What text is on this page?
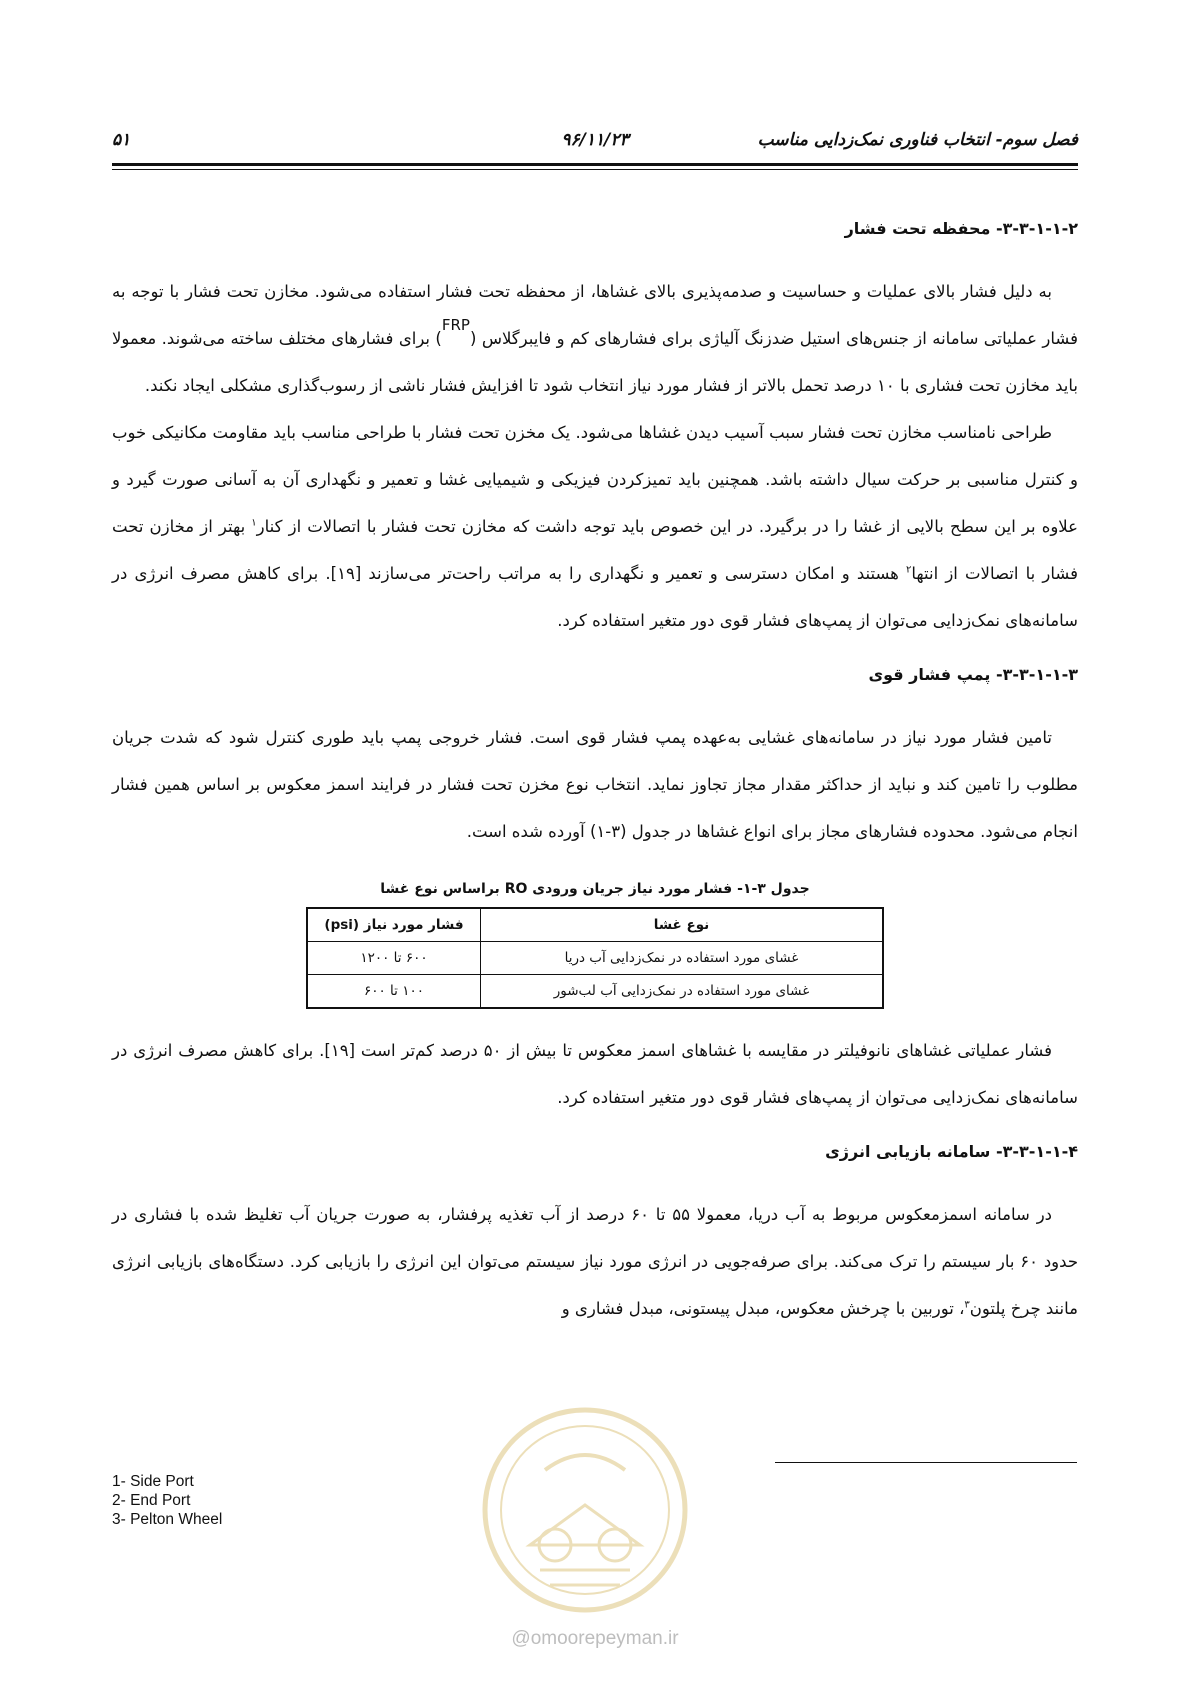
فصل سوم- انتخاب فناوری نمک‌زدایی مناسب
۹۶/۱۱/۲۳
۵۱
۳-۳-۱-۱-۲- محفظه تحت فشار

به دلیل فشار بالای عملیات و حساسیت و صدمه‌پذیری بالای غشاها، از محفظه تحت فشار استفاده می‌شود. مخازن تحت فشار با توجه به فشار عملیاتی سامانه از جنس‌های استیل ضدزنگ آلیاژی برای فشارهای کم و فایبرگلاس ($^{FRP}$) برای فشارهای مختلف ساخته می‌شوند. معمولا باید مخازن تحت فشاری با ۱۰ درصد تحمل بالاتر از فشار مورد نیاز انتخاب شود تا افزایش فشار ناشی از رسوب‌گذاری مشکلی ایجاد نکند.

طراحی نامناسب مخازن تحت فشار سبب آسیب دیدن غشاها می‌شود. یک مخزن تحت فشار با طراحی مناسب باید مقاومت مکانیکی خوب و کنترل مناسبی بر حرکت سیال داشته باشد. همچنین باید تمیزکردن فیزیکی و شیمیایی غشا و تعمیر و نگهداری آن به آسانی صورت گیرد و علاوه بر این سطح بالایی از غشا را در برگیرد. در این خصوص باید توجه داشت که مخازن تحت فشار با اتصالات از کنار$^۱$ بهتر از مخازن تحت فشار با اتصالات از انتها$^۲$ هستند و امکان دسترسی و تعمیر و نگهداری را به مراتب راحت‌تر می‌سازند [۱۹]. برای کاهش مصرف انرژی در سامانه‌های نمک‌زدایی می‌توان از پمپ‌های فشار قوی دور متغیر استفاده کرد.

۳-۳-۱-۱-۳- پمپ فشار قوی

تامین فشار مورد نیاز در سامانه‌های غشایی به‌عهده پمپ فشار قوی است. فشار خروجی پمپ باید طوری کنترل شود که شدت جریان مطلوب را تامین کند و نباید از حداکثر مقدار مجاز تجاوز نماید. انتخاب نوع مخزن تحت فشار در فرایند اسمز معکوس بر اساس همین فشار انجام می‌شود. محدوده فشارهای مجاز برای انواع غشاها در جدول (۳-۱) آورده شده است.

جدول ۳-۱- فشار مورد نیاز جریان ورودی RO براساس نوع غشا
نوع غشا	فشار مورد نیاز (psi)
غشای مورد استفاده در نمک‌زدایی آب دریا	۶۰۰ تا ۱۲۰۰
غشای مورد استفاده در نمک‌زدایی آب لب‌شور	۱۰۰ تا ۶۰۰

فشار عملیاتی غشاهای نانوفیلتر در مقایسه با غشاهای اسمز معکوس تا بیش از ۵۰ درصد کم‌تر است [۱۹]. برای کاهش مصرف انرژی در سامانه‌های نمک‌زدایی می‌توان از پمپ‌های فشار قوی دور متغیر استفاده کرد.

۳-۳-۱-۱-۴- سامانه بازیابی انرژی

در سامانه اسمزمعکوس مربوط به آب دریا، معمولا ۵۵ تا ۶۰ درصد از آب تغذیه پرفشار، به صورت جریان آب تغلیظ شده با فشاری در حدود ۶۰ بار سیستم را ترک می‌کند. برای صرفه‌جویی در انرژی مورد نیاز سیستم می‌توان این انرژی را بازیابی کرد. دستگاه‌های بازیابی انرژی مانند چرخ پلتون$^۳$، توربین با چرخش معکوس، مبدل پیستونی، مبدل فشاری و

1- Side Port
2- End Port
3- Pelton Wheel
@omoorepeyman.ir
